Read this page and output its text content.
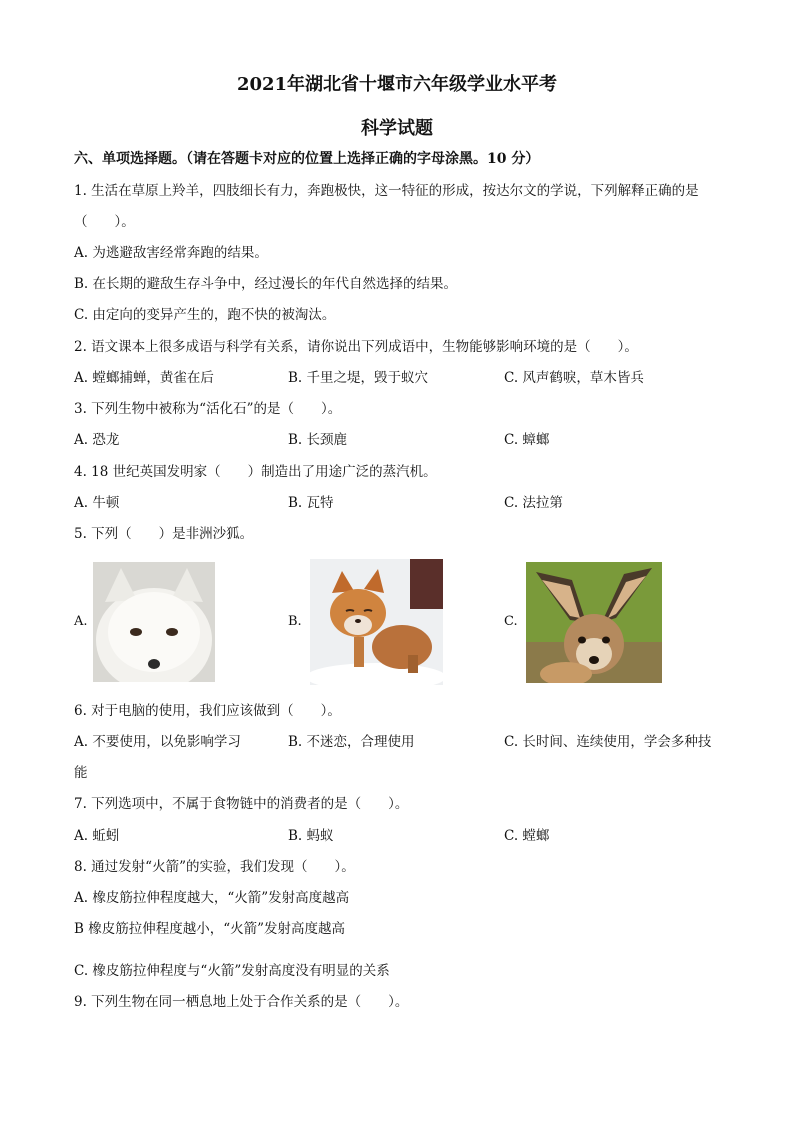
2021年湖北省十堰市六年级学业水平考
科学试题
六、单项选择题。（请在答题卡对应的位置上选择正确的字母涂黑。10 分）
1. 生活在草原上羚羊，四肢细长有力，奔跑极快，这一特征的形成，按达尔文的学说，下列解释正确的是
（　　）。
A. 为逃避敌害经常奔跑的结果。
B. 在长期的避敌生存斗争中，经过漫长的年代自然选择的结果。
C. 由定向的变异产生的，跑不快的被淘汰。
2. 语文课本上很多成语与科学有关系，请你说出下列成语中，生物能够影响环境的是（　　）。
A. 螳螂捕蝉，黄雀在后	B. 千里之堤，毁于蚁穴	C. 风声鹤唳，草木皆兵
3. 下列生物中被称为“活化石”的是（　　）。
A. 恐龙	B. 长颈鹿	C. 蟑螂
4. 18 世纪英国发明家（　　）制造出了用途广泛的蒸汽机。
A. 牛顿	B. 瓦特	C. 法拉第
5. 下列（　　）是非洲沙狐。
A.	B.	C.
6. 对于电脑的使用，我们应该做到（　　）。
A. 不要使用，以免影响学习	B. 不迷恋，合理使用	C. 长时间、连续使用，学会多种技
能
7. 下列选项中，不属于食物链中的消费者的是（　　）。
A. 蚯蚓	B. 蚂蚁	C. 螳螂
8. 通过发射“火箭”的实验，我们发现（　　）。
A. 橡皮筋拉伸程度越大，“火箭”发射高度越高
B 橡皮筋拉伸程度越小，“火箭”发射高度越高
C. 橡皮筋拉伸程度与“火箭”发射高度没有明显的关系
9. 下列生物在同一栖息地上处于合作关系的是（　　）。
